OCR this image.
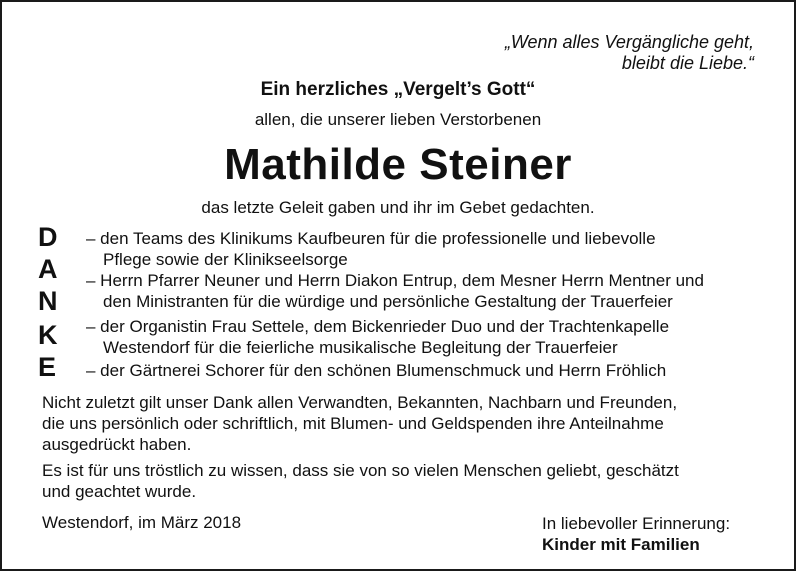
„Wenn alles Vergängliche geht,
bleibt die Liebe.“
Ein herzliches „Vergelt’s Gott“
allen, die unserer lieben Verstorbenen
Mathilde Steiner
das letzte Geleit gaben und ihr im Gebet gedachten.
D
A
N
K
E
– den Teams des Klinikums Kaufbeuren für die professionelle und liebevolle
Pflege sowie der Klinikseelsorge
– Herrn Pfarrer Neuner und Herrn Diakon Entrup, dem Mesner Herrn Mentner und
den Ministranten für die würdige und persönliche Gestaltung der Trauerfeier
– der Organistin Frau Settele, dem Bickenrieder Duo und der Trachtenkapelle
Westendorf für die feierliche musikalische Begleitung der Trauerfeier
– der Gärtnerei Schorer für den schönen Blumenschmuck und Herrn Fröhlich
Nicht zuletzt gilt unser Dank allen Verwandten, Bekannten, Nachbarn und Freunden,
die uns persönlich oder schriftlich, mit Blumen- und Geldspenden ihre Anteilnahme
ausgedrückt haben.
Es ist für uns tröstlich zu wissen, dass sie von so vielen Menschen geliebt, geschätzt
und geachtet wurde.
Westendorf, im März 2018	In liebevoller Erinnerung:
Kinder mit Familien
